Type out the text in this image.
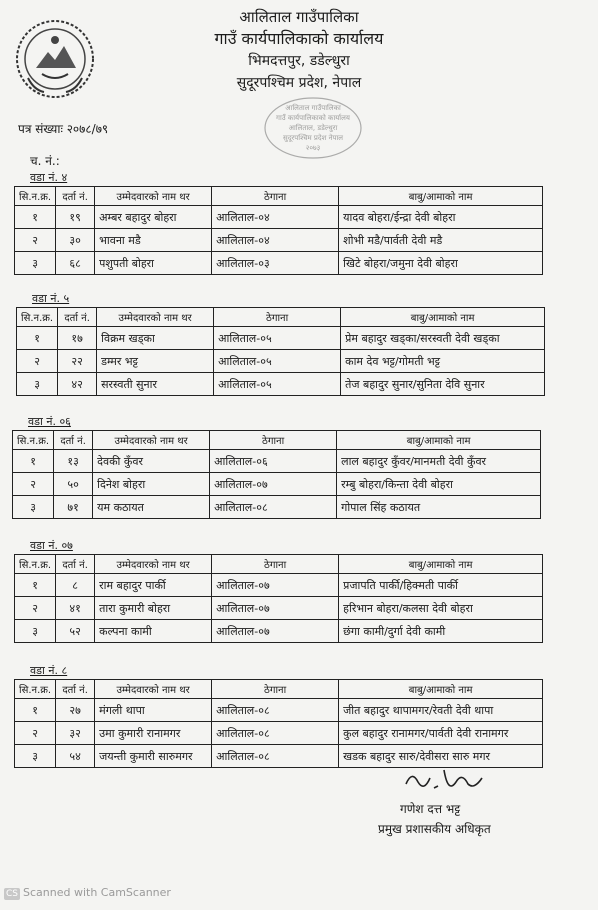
आलिताल गाउँपालिका
गाउँ कार्यपालिकाको कार्यालय
भिमदत्तपुर, डडेल्धुरा
सुदूरपश्चिम प्रदेश, नेपाल
आलिताल गाउँपालिका
गाउँ कार्यपालिकाको कार्यालय
आलिताल, डडेल्धुरा
सुदूरपश्चिम प्रदेश नेपाल
२०७३
पत्र संख्याः २०७८/७९
च. नं.:
वडा नं. ४
सि.न.क्र.	दर्ता नं.	उम्मेदवारको नाम थर	ठेगाना	बाबु/आमाको नाम
१	१९	अम्बर बहादुर बोहरा	आलिताल-०४	यादव बोहरा/ईन्द्रा देवी बोहरा
२	३०	भावना मडै	आलिताल-०४	शोभी मडै/पार्वती देवी मडै
३	६८	पशुपती बोहरा	आलिताल-०३	खिटे बोहरा/जमुना देवी बोहरा
वडा नं. ५
सि.न.क्र.	दर्ता नं.	उम्मेदवारको नाम थर	ठेगाना	बाबु/आमाको नाम
१	१७	विक्रम खड्का	आलिताल-०५	प्रेम बहादुर खड्का/सरस्वती देवी खड्का
२	२२	डम्मर भट्ट	आलिताल-०५	काम देव भट्ट/गोमती भट्ट
३	४२	सरस्वती सुनार	आलिताल-०५	तेज बहादुर सुनार/सुनिता देवि सुनार
वडा नं. ०६
सि.न.क्र.	दर्ता नं.	उम्मेदवारको नाम थर	ठेगाना	बाबु/आमाको नाम
१	१३	देवकी कुँवर	आलिताल-०६	लाल बहादुर कुँवर/मानमती देवी कुँवर
२	५०	दिनेश बोहरा	आलिताल-०७	रम्बु बोहरा/किन्ता देवी बोहरा
३	७१	यम कठायत	आलिताल-०८	गोपाल सिंह कठायत
वडा नं. ०७
सि.न.क्र.	दर्ता नं.	उम्मेदवारको नाम थर	ठेगाना	बाबु/आमाको नाम
१	८	राम बहादुर पार्की	आलिताल-०७	प्रजापति पार्की/हिक्मती पार्की
२	४१	तारा कुमारी बोहरा	आलिताल-०७	हरिभान बोहरा/कलसा देवी बोहरा
३	५२	कल्पना कामी	आलिताल-०७	छंगा कामी/दुर्गा देवी कामी
वडा नं. ८
सि.न.क्र.	दर्ता नं.	उम्मेदवारको नाम थर	ठेगाना	बाबु/आमाको नाम
१	२७	मंगली थापा	आलिताल-०८	जीत बहादुर थापामगर/रेवती देवी थापा
२	३२	उमा कुमारी रानामगर	आलिताल-०८	कुल बहादुर रानामगर/पार्वती देवी रानामगर
३	५४	जयन्ती कुमारी सारुमगर	आलिताल-०८	खडक बहादुर सारु/देवीसरा सारु मगर
गणेश दत्त भट्ट
प्रमुख प्रशासकीय अधिकृत
CS Scanned with CamScanner
